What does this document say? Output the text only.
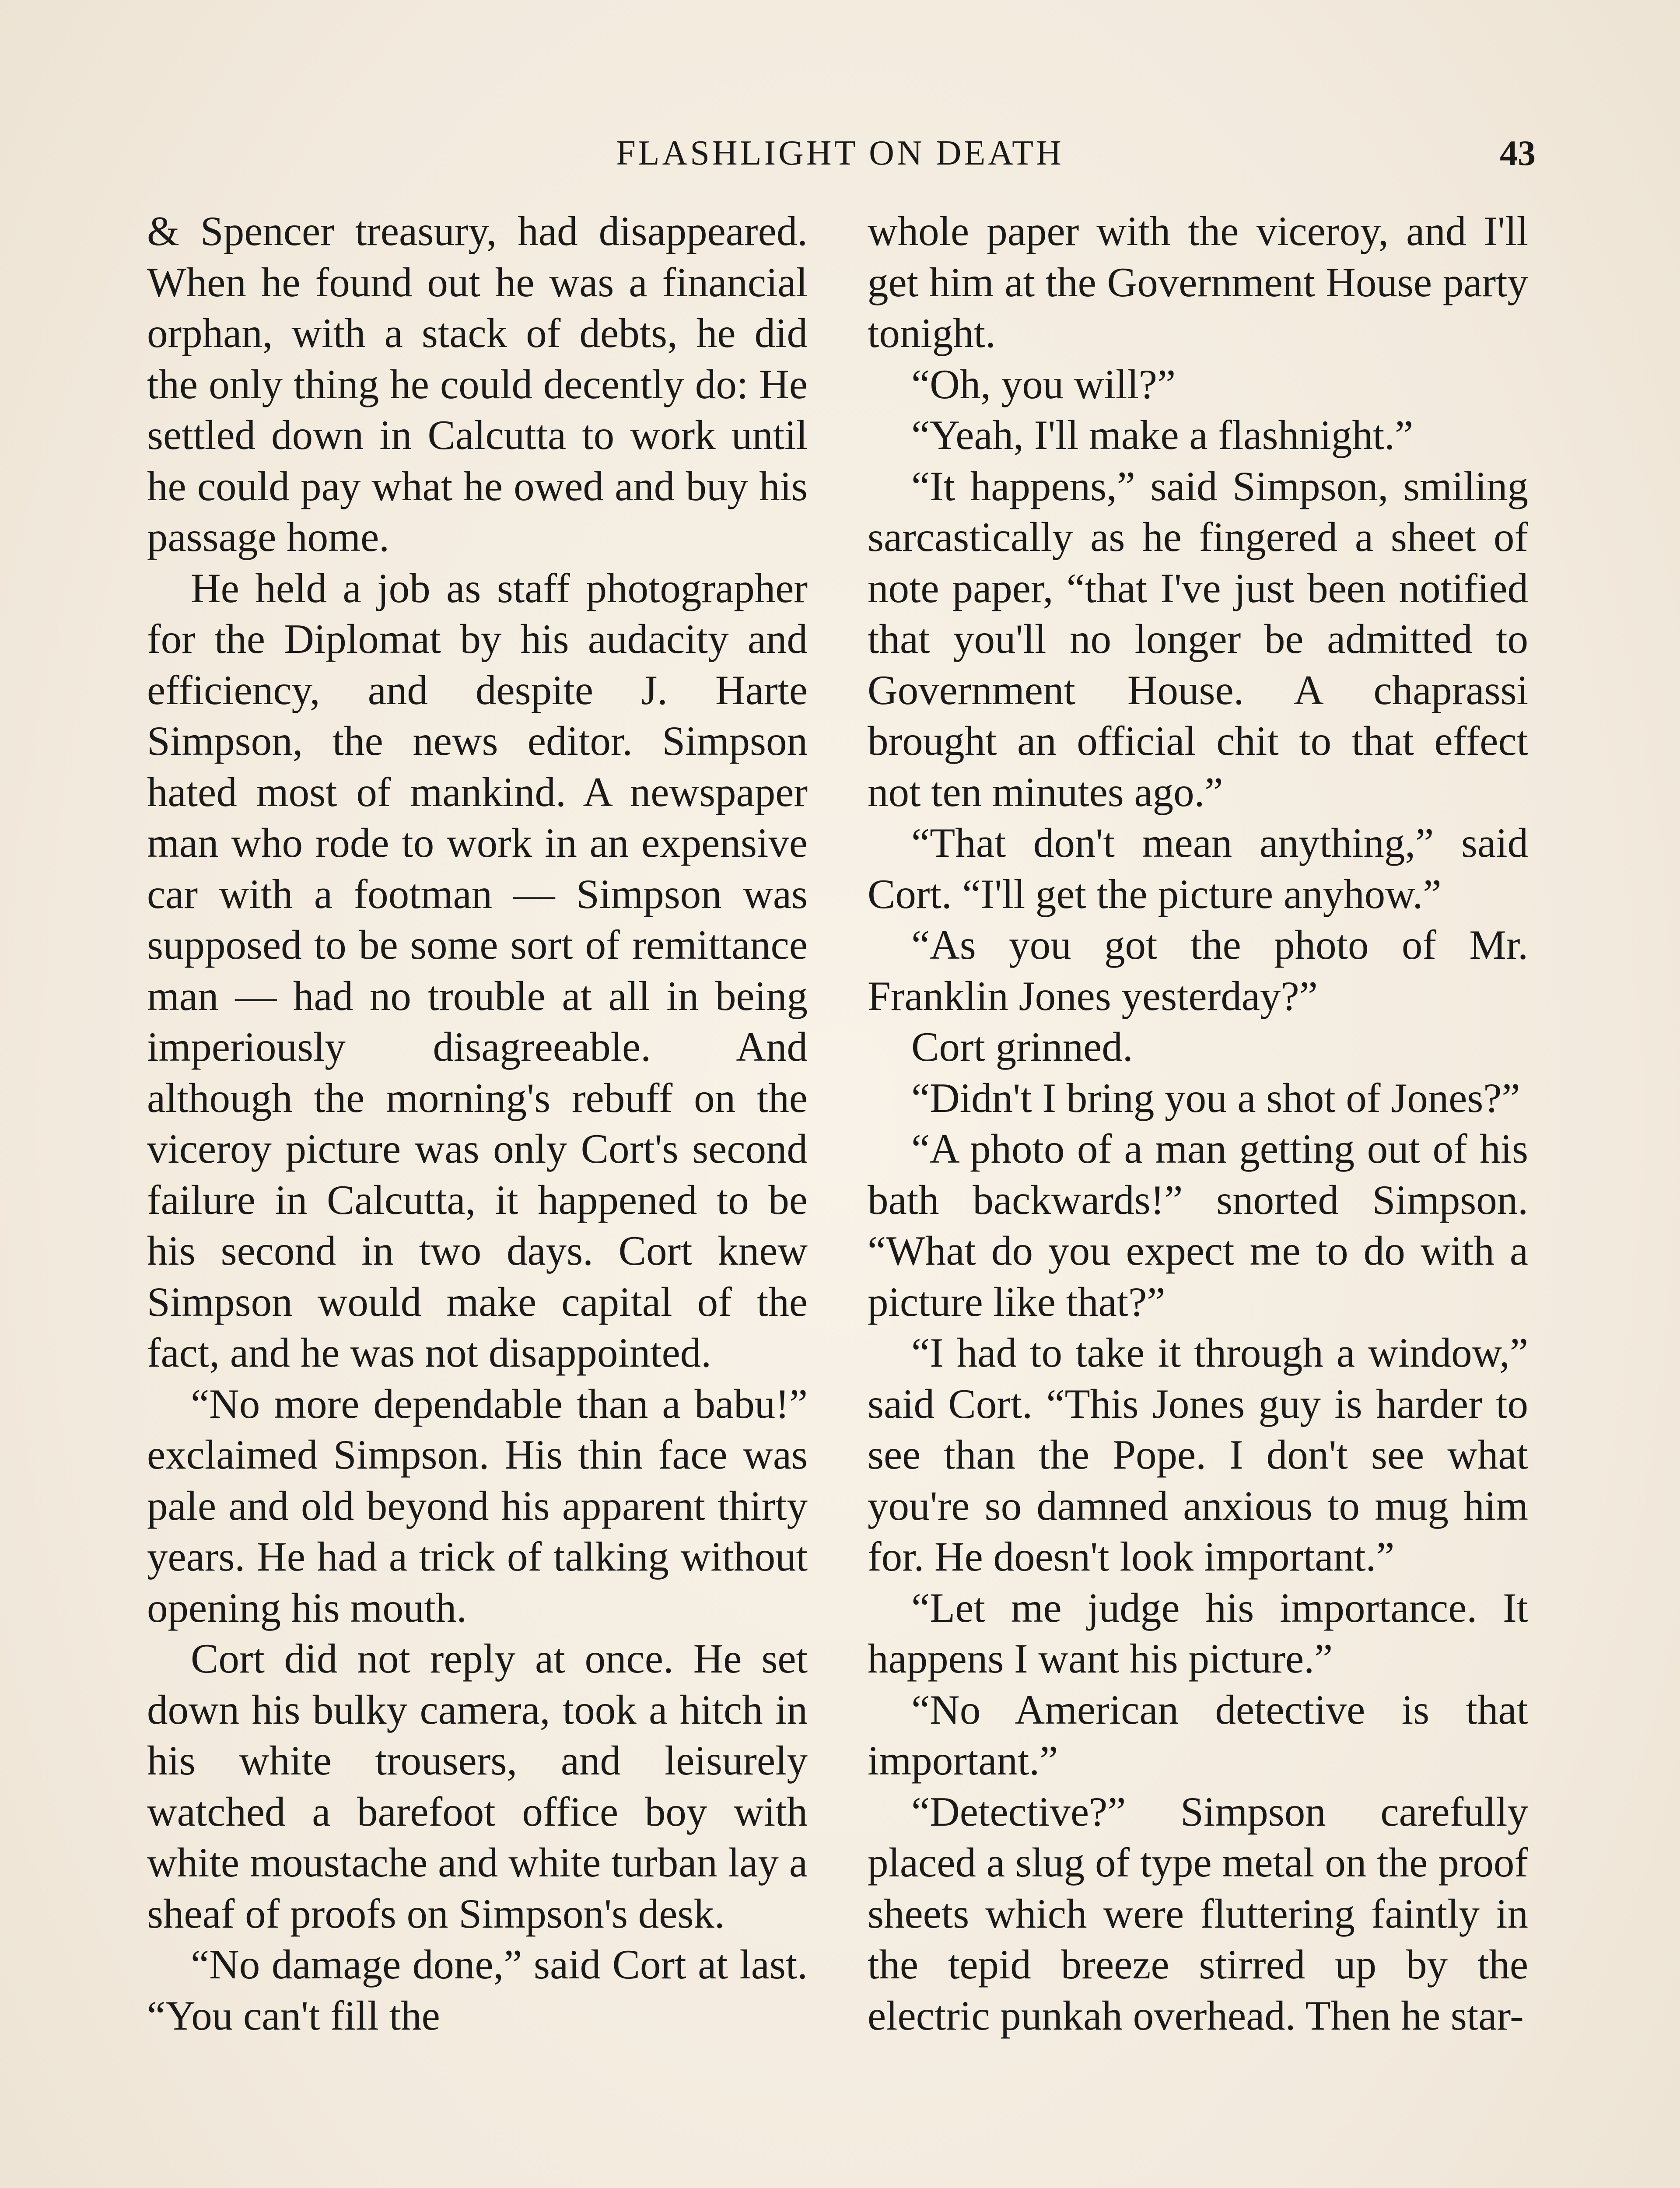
FLASHLIGHT ON DEATH	43

& Spencer treasury, had disappeared. When he found out he was a financial orphan, with a stack of debts, he did the only thing he could decently do: He settled down in Calcutta to work until he could pay what he owed and buy his passage home.

He held a job as staff photographer for the Diplomat by his audacity and efficiency, and despite J. Harte Simpson, the news editor. Simpson hated most of mankind. A newspaper man who rode to work in an expensive car with a footman — Simpson was supposed to be some sort of remittance man — had no trouble at all in being imperiously disagreeable. And although the morning's rebuff on the viceroy picture was only Cort's second failure in Calcutta, it happened to be his second in two days. Cort knew Simpson would make capital of the fact, and he was not disappointed.

“No more dependable than a babu!” exclaimed Simpson. His thin face was pale and old beyond his apparent thirty years. He had a trick of talking without opening his mouth.

Cort did not reply at once. He set down his bulky camera, took a hitch in his white trousers, and leisurely watched a barefoot office boy with white moustache and white turban lay a sheaf of proofs on Simpson's desk.

“No damage done,” said Cort at last. “You can't fill the

whole paper with the viceroy, and I'll get him at the Government House party tonight.

“Oh, you will?”

“Yeah, I'll make a flashnight.”

“It happens,” said Simpson, smiling sarcastically as he fingered a sheet of note paper, “that I've just been notified that you'll no longer be admitted to Government House. A chaprassi brought an official chit to that effect not ten minutes ago.”

“That don't mean anything,” said Cort. “I'll get the picture anyhow.”

“As you got the photo of Mr. Franklin Jones yesterday?”

Cort grinned.

“Didn't I bring you a shot of Jones?”

“A photo of a man getting out of his bath backwards!” snorted Simpson. “What do you expect me to do with a picture like that?”

“I had to take it through a window,” said Cort. “This Jones guy is harder to see than the Pope. I don't see what you're so damned anxious to mug him for. He doesn't look important.”

“Let me judge his importance. It happens I want his picture.”

“No American detective is that important.”

“Detective?” Simpson carefully placed a slug of type metal on the proof sheets which were fluttering faintly in the tepid breeze stirred up by the electric punkah overhead. Then he star-
